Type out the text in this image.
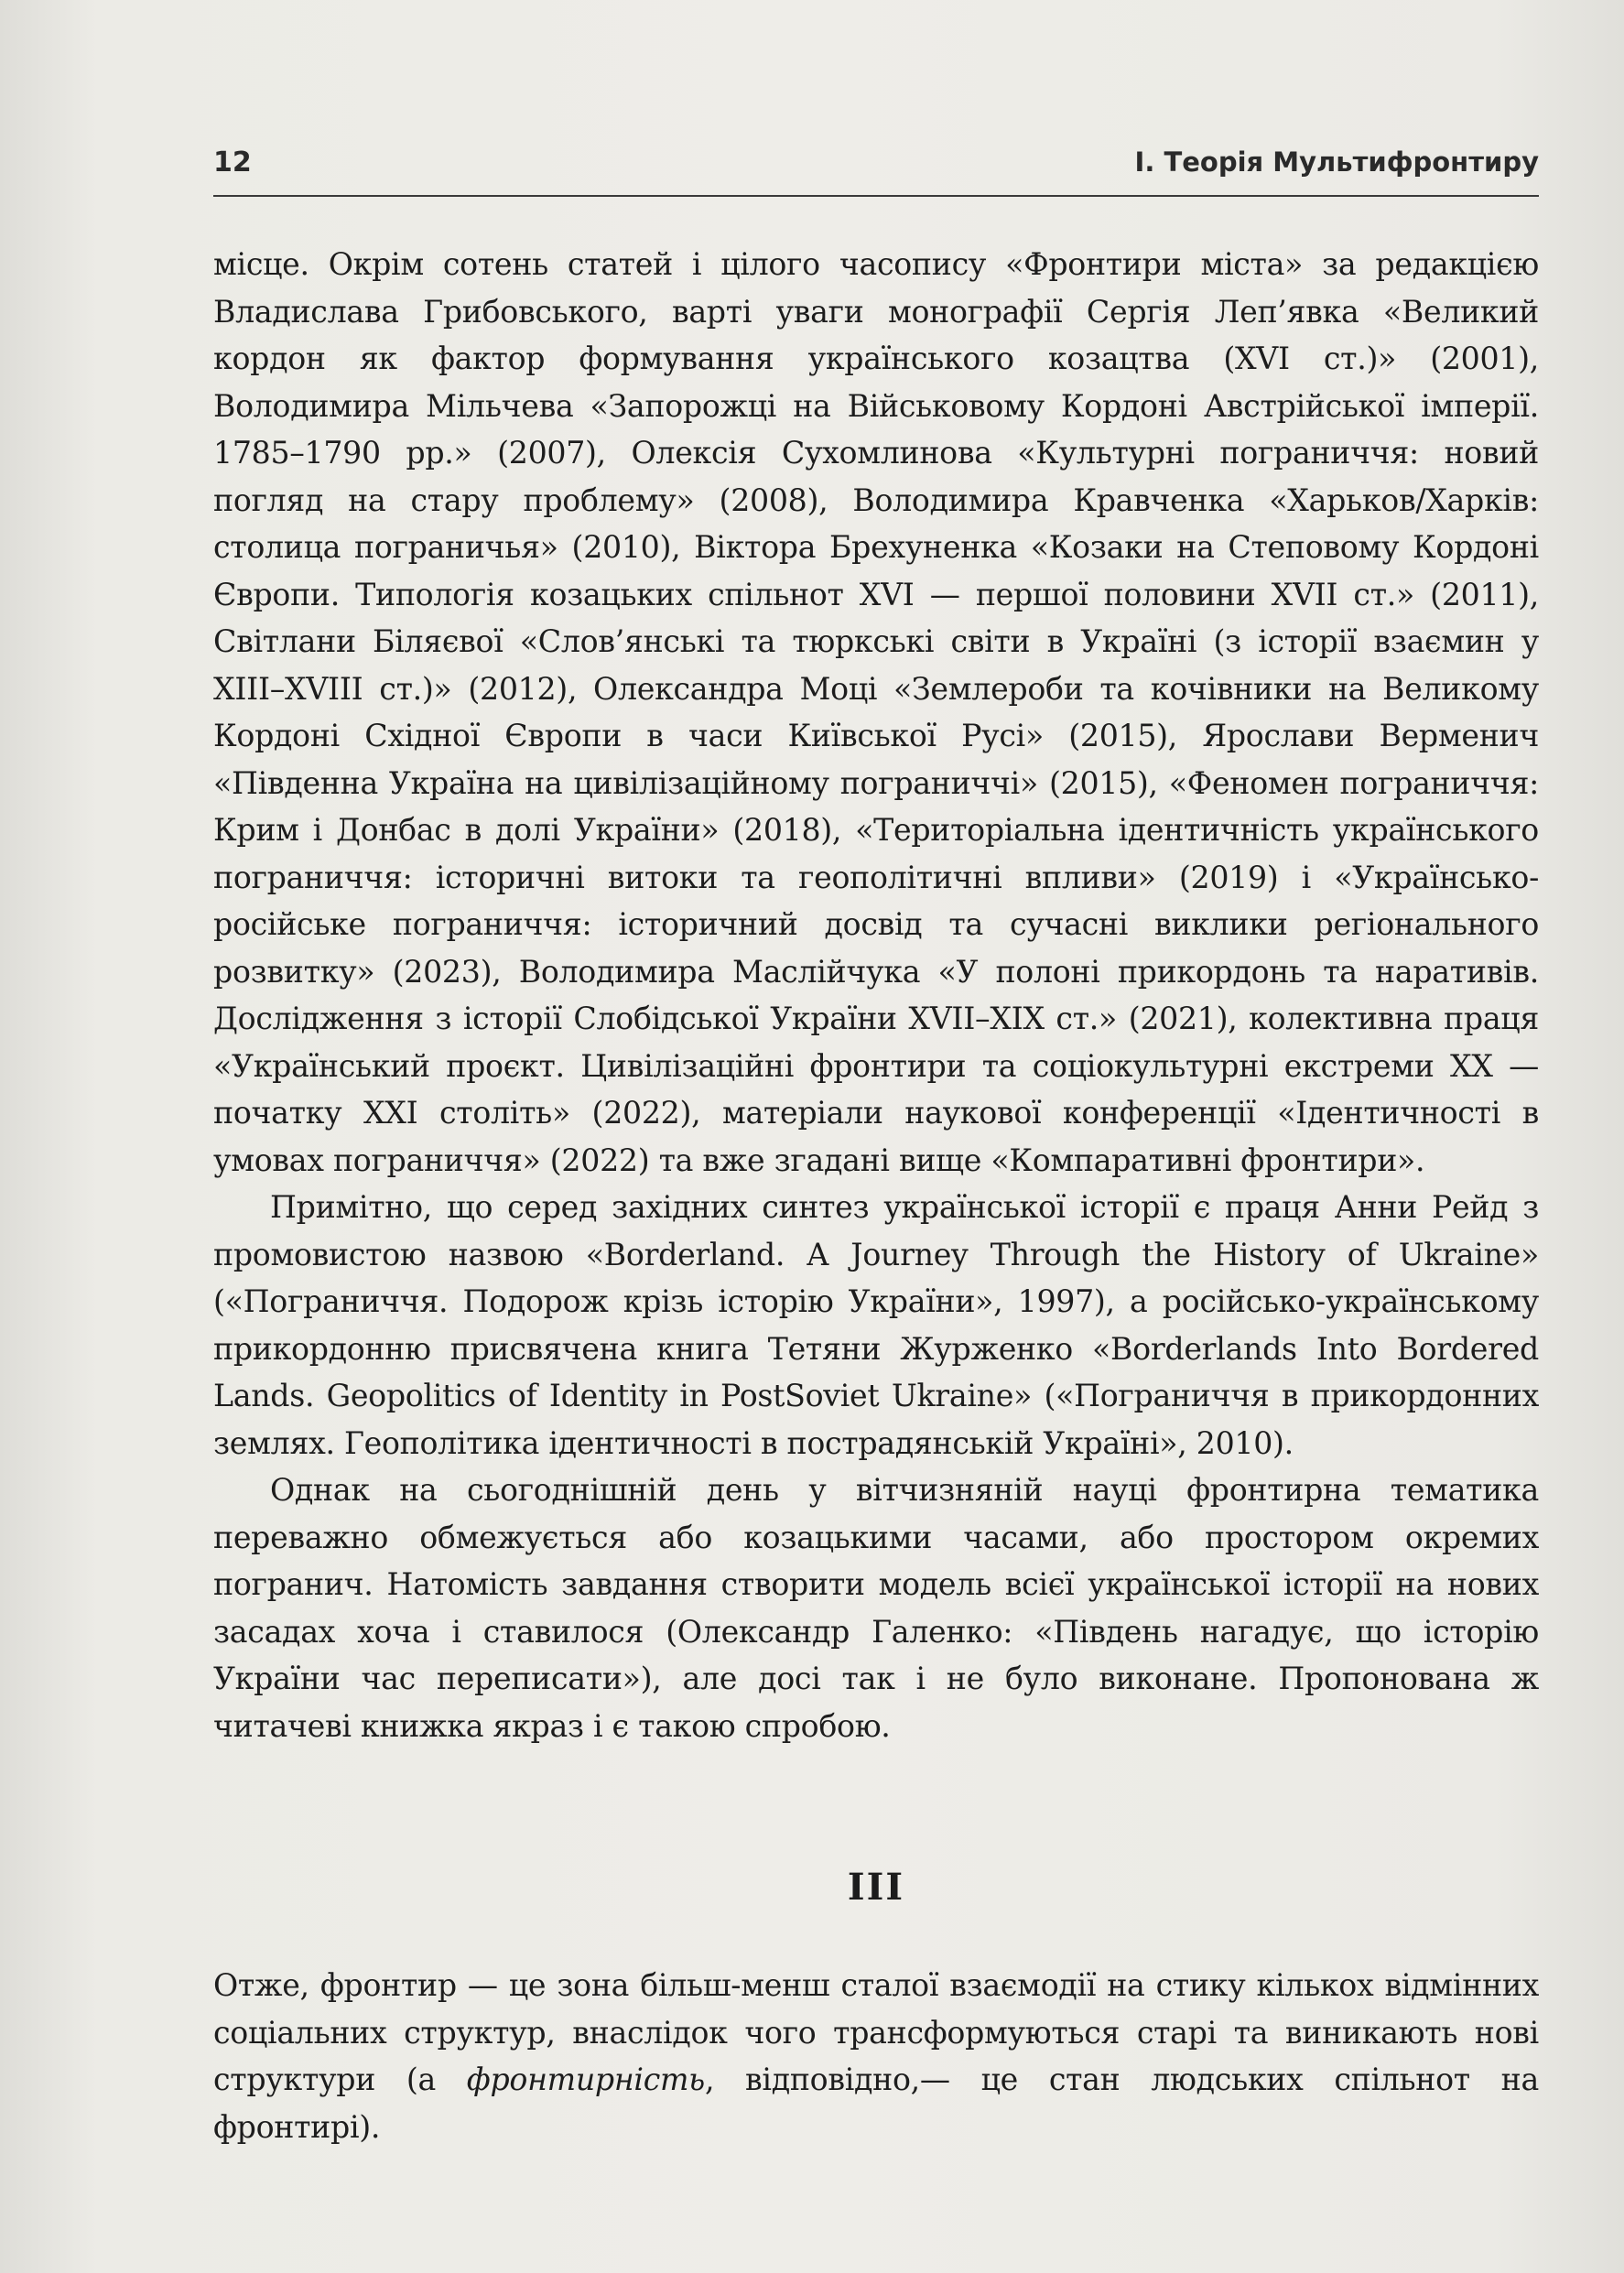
12	І. Теорія Мультифронтиру

місце. Окрім сотень статей і цілого часопису «Фронтири міста» за редакцією Владислава Грибовського, варті уваги монографії Сергія Леп’явка «Великий кордон як фактор формування українського козацтва (XVI ст.)» (2001), Володимира Мільчева «Запорожці на Військовому Кордоні Австрійської імперії. 1785–1790 рр.» (2007), Олексія Сухомлинова «Культурні пограниччя: новий погляд на стару проблему» (2008), Володимира Кравченка «Харьков/Харків: столица пограничья» (2010), Віктора Брехуненка «Козаки на Степовому Кордоні Європи. Типологія козацьких спільнот XVI — першої половини XVII ст.» (2011), Світлани Біляєвої «Слов’янські та тюркські світи в Україні (з історії взаємин у XIII–XVIII ст.)» (2012), Олександра Моці «Землероби та кочівники на Великому Кордоні Східної Європи в часи Київської Русі» (2015), Ярослави Верменич «Південна Україна на цивілізаційному пограниччі» (2015), «Феномен пограниччя: Крим і Донбас в долі України» (2018), «Територіальна ідентичність українського пограниччя: історичні витоки та геополітичні впливи» (2019) і «Українсько-російське пограниччя: історичний досвід та сучасні виклики регіонального розвитку» (2023), Володимира Маслійчука «У полоні прикордонь та наративів. Дослідження з історії Слобідської України XVII–XIX ст.» (2021), колективна праця «Український проєкт. Цивілізаційні фронтири та соціокультурні екстреми XX — початку XXI століть» (2022), матеріали наукової конференції «Ідентичності в умовах пограниччя» (2022) та вже згадані вище «Компаративні фронтири».

Примітно, що серед західних синтез української історії є праця Анни Рейд з промовистою назвою «Borderland. A Journey Through the History of Ukraine» («Пограниччя. Подорож крізь історію України», 1997), а російсько-українському прикордонню присвячена книга Тетяни Журженко «Borderlands Into Bordered Lands. Geopolitics of Identity in PostSoviet Ukraine» («Пограниччя в прикордонних землях. Геополітика ідентичності в пострадянській Україні», 2010).

Однак на сьогоднішній день у вітчизняній науці фронтирна тематика переважно обмежується або козацькими часами, або простором окремих погранич. Натомість завдання створити модель всієї української історії на нових засадах хоча і ставилося (Олександр Галенко: «Південь нагадує, що історію України час переписати»), але досі так і не було виконане. Пропонована ж читачеві книжка якраз і є такою спробою.

III

Отже, фронтир — це зона більш-менш сталої взаємодії на стику кількох відмінних соціальних структур, внаслідок чого трансформуються старі та виникають нові структури (а фронтирність, відповідно,— це стан людських спільнот на фронтирі).
